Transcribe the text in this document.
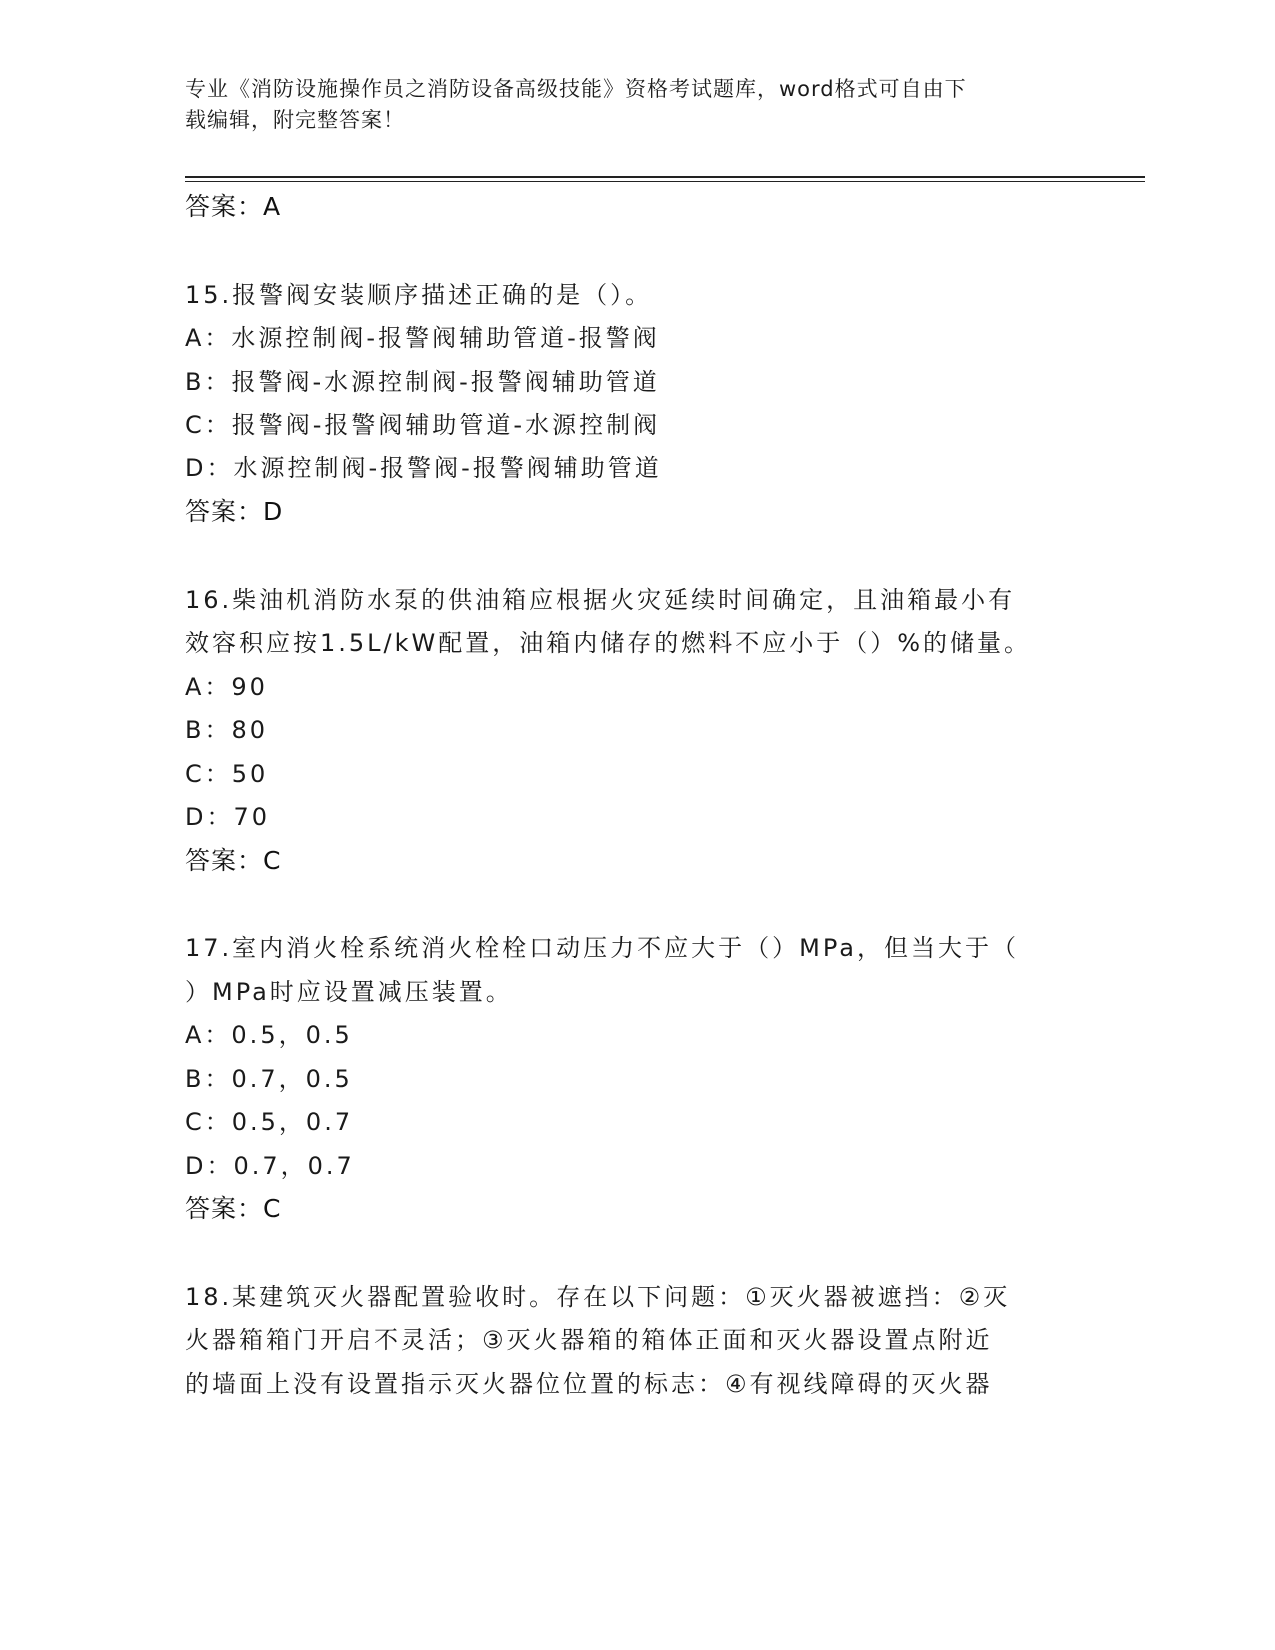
专业《消防设施操作员之消防设备高级技能》资格考试题库，word格式可自由下
载编辑，附完整答案！
答案：A
15.报警阀安装顺序描述正确的是（）。
A：水源控制阀-报警阀辅助管道-报警阀
B：报警阀-水源控制阀-报警阀辅助管道
C：报警阀-报警阀辅助管道-水源控制阀
D：水源控制阀-报警阀-报警阀辅助管道
答案：D
16.柴油机消防水泵的供油箱应根据火灾延续时间确定，且油箱最小有
效容积应按1.5L/kW配置，油箱内储存的燃料不应小于（）%的储量。
A：90
B：80
C：50
D：70
答案：C
17.室内消火栓系统消火栓栓口动压力不应大于（）MPa，但当大于（
）MPa时应设置减压装置。
A：0.5，0.5
B：0.7，0.5
C：0.5，0.7
D：0.7，0.7
答案：C
18.某建筑灭火器配置验收时。存在以下问题：①灭火器被遮挡：②灭
火器箱箱门开启不灵活；③灭火器箱的箱体正面和灭火器设置点附近
的墙面上没有设置指示灭火器位位置的标志：④有视线障碍的灭火器
